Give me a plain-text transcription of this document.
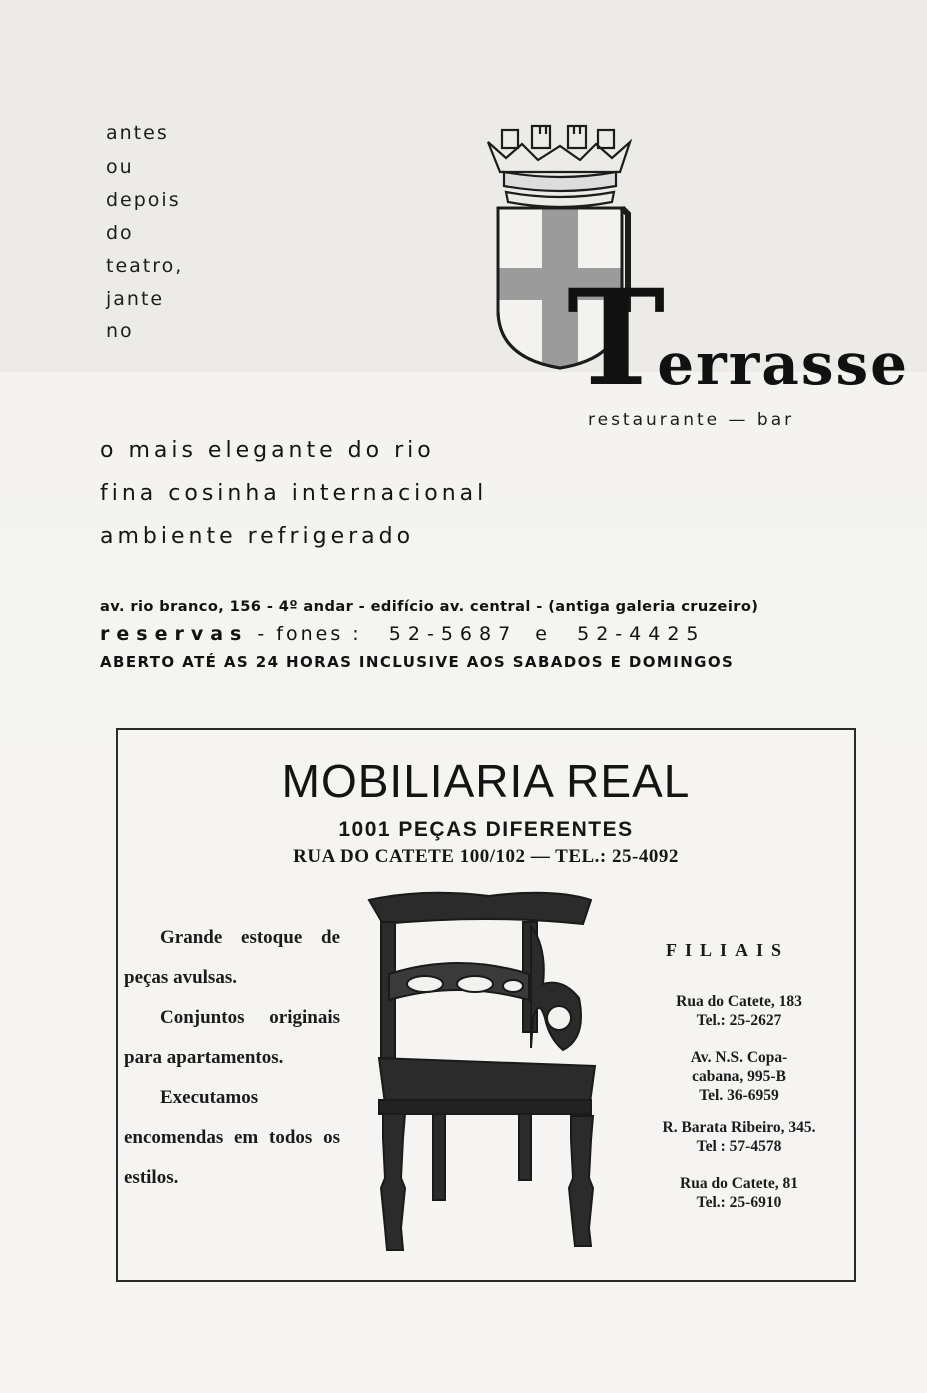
antes

ou

depois

do

teatro,

jante

no	Terrasse

restaurante — bar

o mais elegante do rio

fina cosinha internacional

ambiente refrigerado

av. rio branco, 156 - 4º andar - edifício av. central - (antiga galeria cruzeiro)

reservas - fones : 52-5687 e 52-4425

ABERTO ATÉ AS 24 HORAS INCLUSIVE AOS SABADOS E DOMINGOS

MOBILIARIA REAL

1001 PEÇAS DIFERENTES

RUA DO CATETE 100/102 — TEL.: 25-4092

Grande estoque de peças avulsas.

Conjuntos originais para apartamentos.

Executamos encomendas em todos os estilos.

FILIAIS

Rua do Catete, 183
Tel.: 25-2627

Av. N.S. Copa-
cabana, 995-B
Tel. 36-6959

R. Barata Ribeiro, 345.
Tel : 57-4578

Rua do Catete, 81
Tel.: 25-6910
